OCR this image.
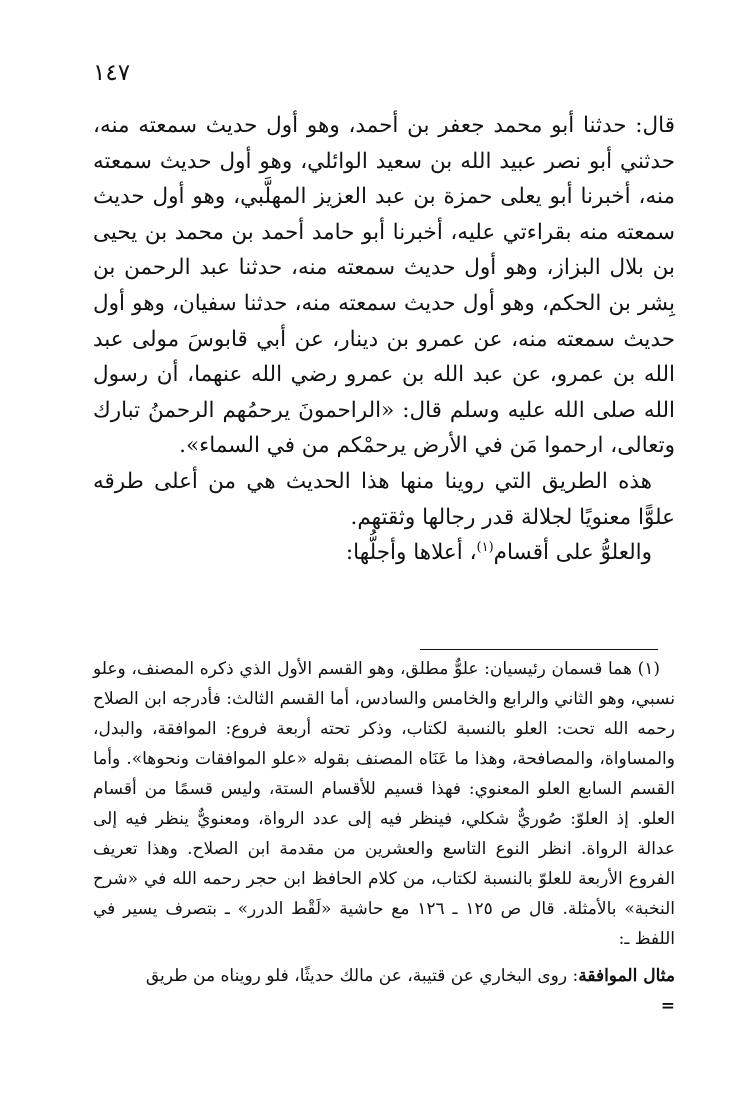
١٤٧

قال: حدثنا أبو محمد جعفر بن أحمد، وهو أول حديث سمعته منه، حدثني أبو نصر عبيد الله بن سعيد الوائلي، وهو أول حديث سمعته منه، أخبرنا أبو يعلى حمزة بن عبد العزيز المهلَّبي، وهو أول حديث سمعته منه بقراءتي عليه، أخبرنا أبو حامد أحمد بن محمد بن يحيى بن بلال البزاز، وهو أول حديث سمعته منه، حدثنا عبد الرحمن بن بِشر بن الحكم، وهو أول حديث سمعته منه، حدثنا سفيان، وهو أول حديث سمعته منه، عن عمرو بن دينار، عن أبي قابوسَ مولى عبد الله بن عمرو، عن عبد الله بن عمرو رضي الله عنهما، أن رسول الله صلى الله عليه وسلم قال: «الراحمونَ يرحمُهم الرحمنُ تبارك وتعالى، ارحموا مَن في الأرض يرحمْكم من في السماء».

هذه الطريق التي روينا منها هذا الحديث هي من أعلى طرقه علوًّا معنويًا لجلالة قدر رجالها وثقتهم.

والعلوُّ على أقسام$^{(١)}$، أعلاها وأجلُّها:

(١) هما قسمان رئيسيان: علوٌّ مطلق، وهو القسم الأول الذي ذكره المصنف، وعلو نسبي، وهو الثاني والرابع والخامس والسادس، أما القسم الثالث: فأدرجه ابن الصلاح رحمه الله تحت: العلو بالنسبة لكتاب، وذكر تحته أربعة فروع: الموافقة، والبدل، والمساواة، والمصافحة، وهذا ما عَنَاه المصنف بقوله «علو الموافقات ونحوها». وأما القسم السابع العلو المعنوي: فهذا قسيم للأقسام الستة، وليس قسمًا من أقسام العلو. إذ العلوّ: صُوريٌّ شكلي، فينظر فيه إلى عدد الرواة، ومعنويٌّ ينظر فيه إلى عدالة الرواة. انظر النوع التاسع والعشرين من مقدمة ابن الصلاح. وهذا تعريف الفروع الأربعة للعلوّ بالنسبة لكتاب، من كلام الحافظ ابن حجر رحمه الله في «شرح النخبة» بالأمثلة. قال ص ١٢٥ ـ ١٢٦ مع حاشية «لَقْط الدرر» ـ بتصرف يسير في اللفظ ـ:

مثال الموافقة: روى البخاري عن قتيبة، عن مالك حديثًا، فلو رويناه من طريق

=
